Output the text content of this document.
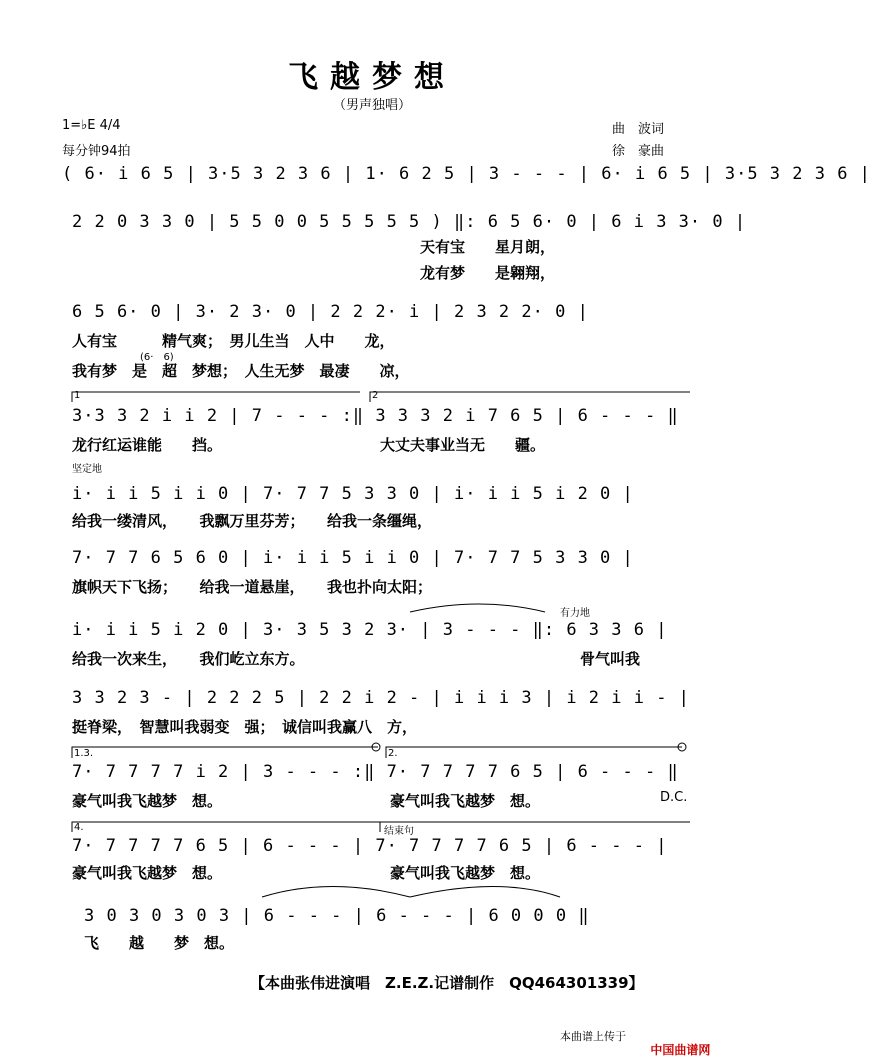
飞越梦想
（男声独唱）
1=♭E 4/4
每分钟94拍
曲　波词
徐　豪曲
( 6· i 6 5 | 3·5 3 2 3 6 | 1· 6 2 5 | 3 - - - | 6· i 6 5 | 3·5 3 2 3 6 |
2 2 0 3 3 0 | 5 5 0 0 5 5 5 5 5 ) ‖: 6 5 6· 0 | 6 i 3 3· 0 |
天有宝　　星月朗，
龙有梦　　是翱翔，
6 5 6· 0 | 3· 2 3· 0 | 2 2 2· i | 2 3 2 2· 0 |
人有宝　　　精气爽；　男儿生当　人中　　龙，
(6·　6)
我有梦　是　超　梦想；　人生无梦　最凄　　凉，
1	2
3·3 3 2 i i 2 | 7 - - - :‖ 3 3 3 2 i 7 6 5 | 6 - - - ‖
龙行红运谁能　　挡。	大丈夫事业当无　　疆。
坚定地
i· i i 5 i i 0 | 7· 7 7 5 3 3 0 | i· i i 5 i 2 0 |
给我一缕清风，　　我飘万里芬芳；　　给我一条缰绳，
7· 7 7 6 5 6 0 | i· i i 5 i i 0 | 7· 7 7 5 3 3 0 |
旗帜天下飞扬；　　给我一道悬崖，　　我也扑向太阳；
有力地
i· i i 5 i 2 0 | 3· 3 5 3 2 3· | 3 - - - ‖: 6 3 3 6 |
给我一次来生，　　我们屹立东方。	骨气叫我
3 3 2 3 - | 2 2 2 5 | 2 2 i 2 - | i i i 3 | i 2 i i - |
挺脊梁，　智慧叫我弱变　强；　诚信叫我赢八　方，
1.3.	2.
7· 7 7 7 7 i 2 | 3 - - - :‖ 7· 7 7 7 7 6 5 | 6 - - - ‖
豪气叫我飞越梦　想。	豪气叫我飞越梦　想。	D.C.
4.	结束句
7· 7 7 7 7 6 5 | 6 - - - | 7· 7 7 7 7 6 5 | 6 - - - |
豪气叫我飞越梦　想。	豪气叫我飞越梦　想。
3 0 3 0 3 0 3 | 6 - - - | 6 - - - | 6 0 0 0 ‖
飞　　越　　梦　想。
【本曲张伟进演唱　Z.E.Z.记谱制作　QQ464301339】
本曲谱上传于

中国曲谱网
